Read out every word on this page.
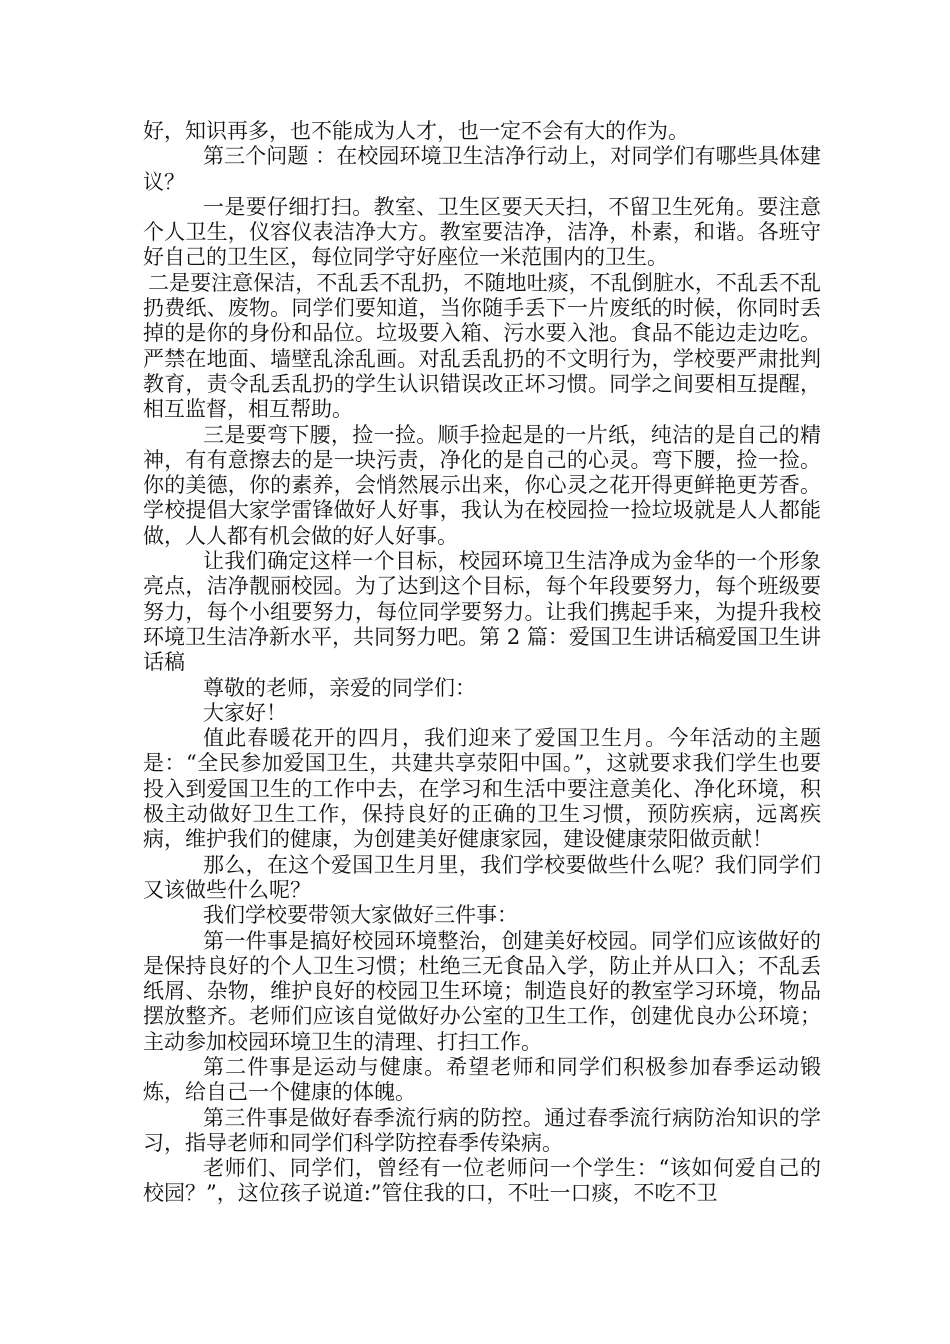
好，知识再多，也不能成为人才，也一定不会有大的作为。

第三个问题 ：在校园环境卫生洁净行动上，对同学们有哪些具体建议？

一是要仔细打扫。教室、卫生区要天天扫，不留卫生死角。要注意个人卫生，仪容仪表洁净大方。教室要洁净，洁净，朴素，和谐。各班守好自己的卫生区，每位同学守好座位一米范围内的卫生。

二是要注意保洁，不乱丢不乱扔，不随地吐痰，不乱倒脏水，不乱丢不乱扔费纸、废物。同学们要知道，当你随手丢下一片废纸的时候，你同时丢掉的是你的身份和品位。垃圾要入箱、污水要入池。食品不能边走边吃。严禁在地面、墙壁乱涂乱画。对乱丢乱扔的不文明行为，学校要严肃批判教育，责令乱丢乱扔的学生认识错误改正坏习惯。同学之间要相互提醒，相互监督，相互帮助。

三是要弯下腰，捡一捡。顺手捡起是的一片纸，纯洁的是自己的精神，有有意擦去的是一块污责，净化的是自己的心灵。弯下腰，捡一捡。你的美德，你的素养，会悄然展示出来，你心灵之花开得更鲜艳更芳香。学校提倡大家学雷锋做好人好事，我认为在校园捡一捡垃圾就是人人都能做，人人都有机会做的好人好事。

让我们确定这样一个目标，校园环境卫生洁净成为金华的一个形象亮点，洁净靓丽校园。为了达到这个目标，每个年段要努力，每个班级要努力，每个小组要努力，每位同学要努力。让我们携起手来，为提升我校环境卫生洁净新水平，共同努力吧。第 2 篇：爱国卫生讲话稿爱国卫生讲话稿

尊敬的老师，亲爱的同学们：

大家好！

值此春暖花开的四月，我们迎来了爱国卫生月。今年活动的主题是：“全民参加爱国卫生，共建共享荥阳中国。”，这就要求我们学生也要投入到爱国卫生的工作中去，在学习和生活中要注意美化、净化环境，积极主动做好卫生工作，保持良好的正确的卫生习惯，预防疾病，远离疾病，维护我们的健康，为创建美好健康家园，建设健康荥阳做贡献！

那么，在这个爱国卫生月里，我们学校要做些什么呢？我们同学们又该做些什么呢？

我们学校要带领大家做好三件事：

第一件事是搞好校园环境整治，创建美好校园。同学们应该做好的是保持良好的个人卫生习惯；杜绝三无食品入学，防止并从口入；不乱丢纸屑、杂物，维护良好的校园卫生环境；制造良好的教室学习环境，物品摆放整齐。老师们应该自觉做好办公室的卫生工作，创建优良办公环境；主动参加校园环境卫生的清理、打扫工作。

第二件事是运动与健康。希望老师和同学们积极参加春季运动锻炼，给自己一个健康的体魄。

第三件事是做好春季流行病的防控。通过春季流行病防治知识的学习，指导老师和同学们科学防控春季传染病。

老师们、同学们，曾经有一位老师问一个学生：“该如何爱自己的校园？”，这位孩子说道:”管住我的口，不吐一口痰，不吃不卫
